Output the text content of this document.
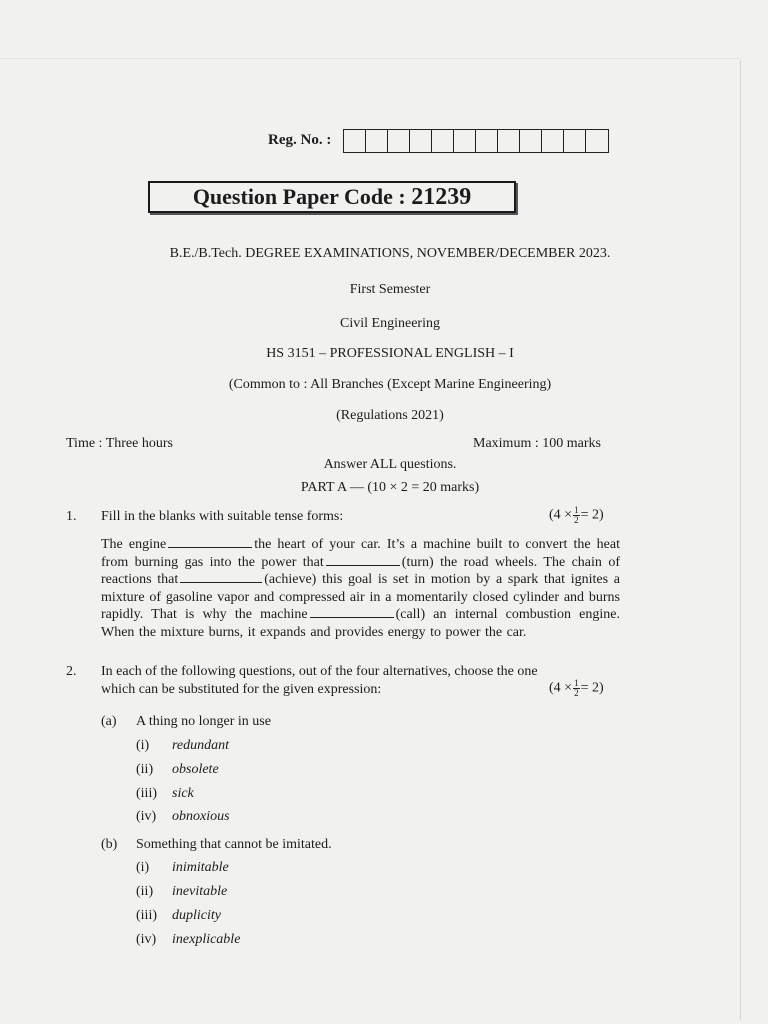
Reg. No. :
Question Paper Code : 21239
B.E./B.Tech. DEGREE EXAMINATIONS, NOVEMBER/DECEMBER 2023.
First Semester
Civil Engineering
HS 3151 – PROFESSIONAL ENGLISH – I
(Common to : All Branches (Except Marine Engineering)
(Regulations 2021)
Time : Three hours	Maximum : 100 marks
Answer ALL questions.
PART A — (10 × 2 = 20 marks)
1. Fill in the blanks with suitable tense forms:	$(4 \times \frac{1}{2} = 2)$
The engine	the heart of your car. It’s a machine built to convert the heat from burning gas into the power that	(turn) the road wheels. The chain of reactions that	(achieve) this goal is set in motion by a spark that ignites a mixture of gasoline vapor and compressed air in a momentarily closed cylinder and burns rapidly. That is why the machine	(call) an internal combustion engine. When the mixture burns, it expands and provides energy to power the car.
2. In each of the following questions, out of the four alternatives, choose the one
which can be substituted for the given expression:	$(4 \times \frac{1}{2} = 2)$
(a) A thing no longer in use
(i) redundant
(ii) obsolete
(iii) sick
(iv) obnoxious
(b) Something that cannot be imitated.
(i) inimitable
(ii) inevitable
(iii) duplicity
(iv) inexplicable
